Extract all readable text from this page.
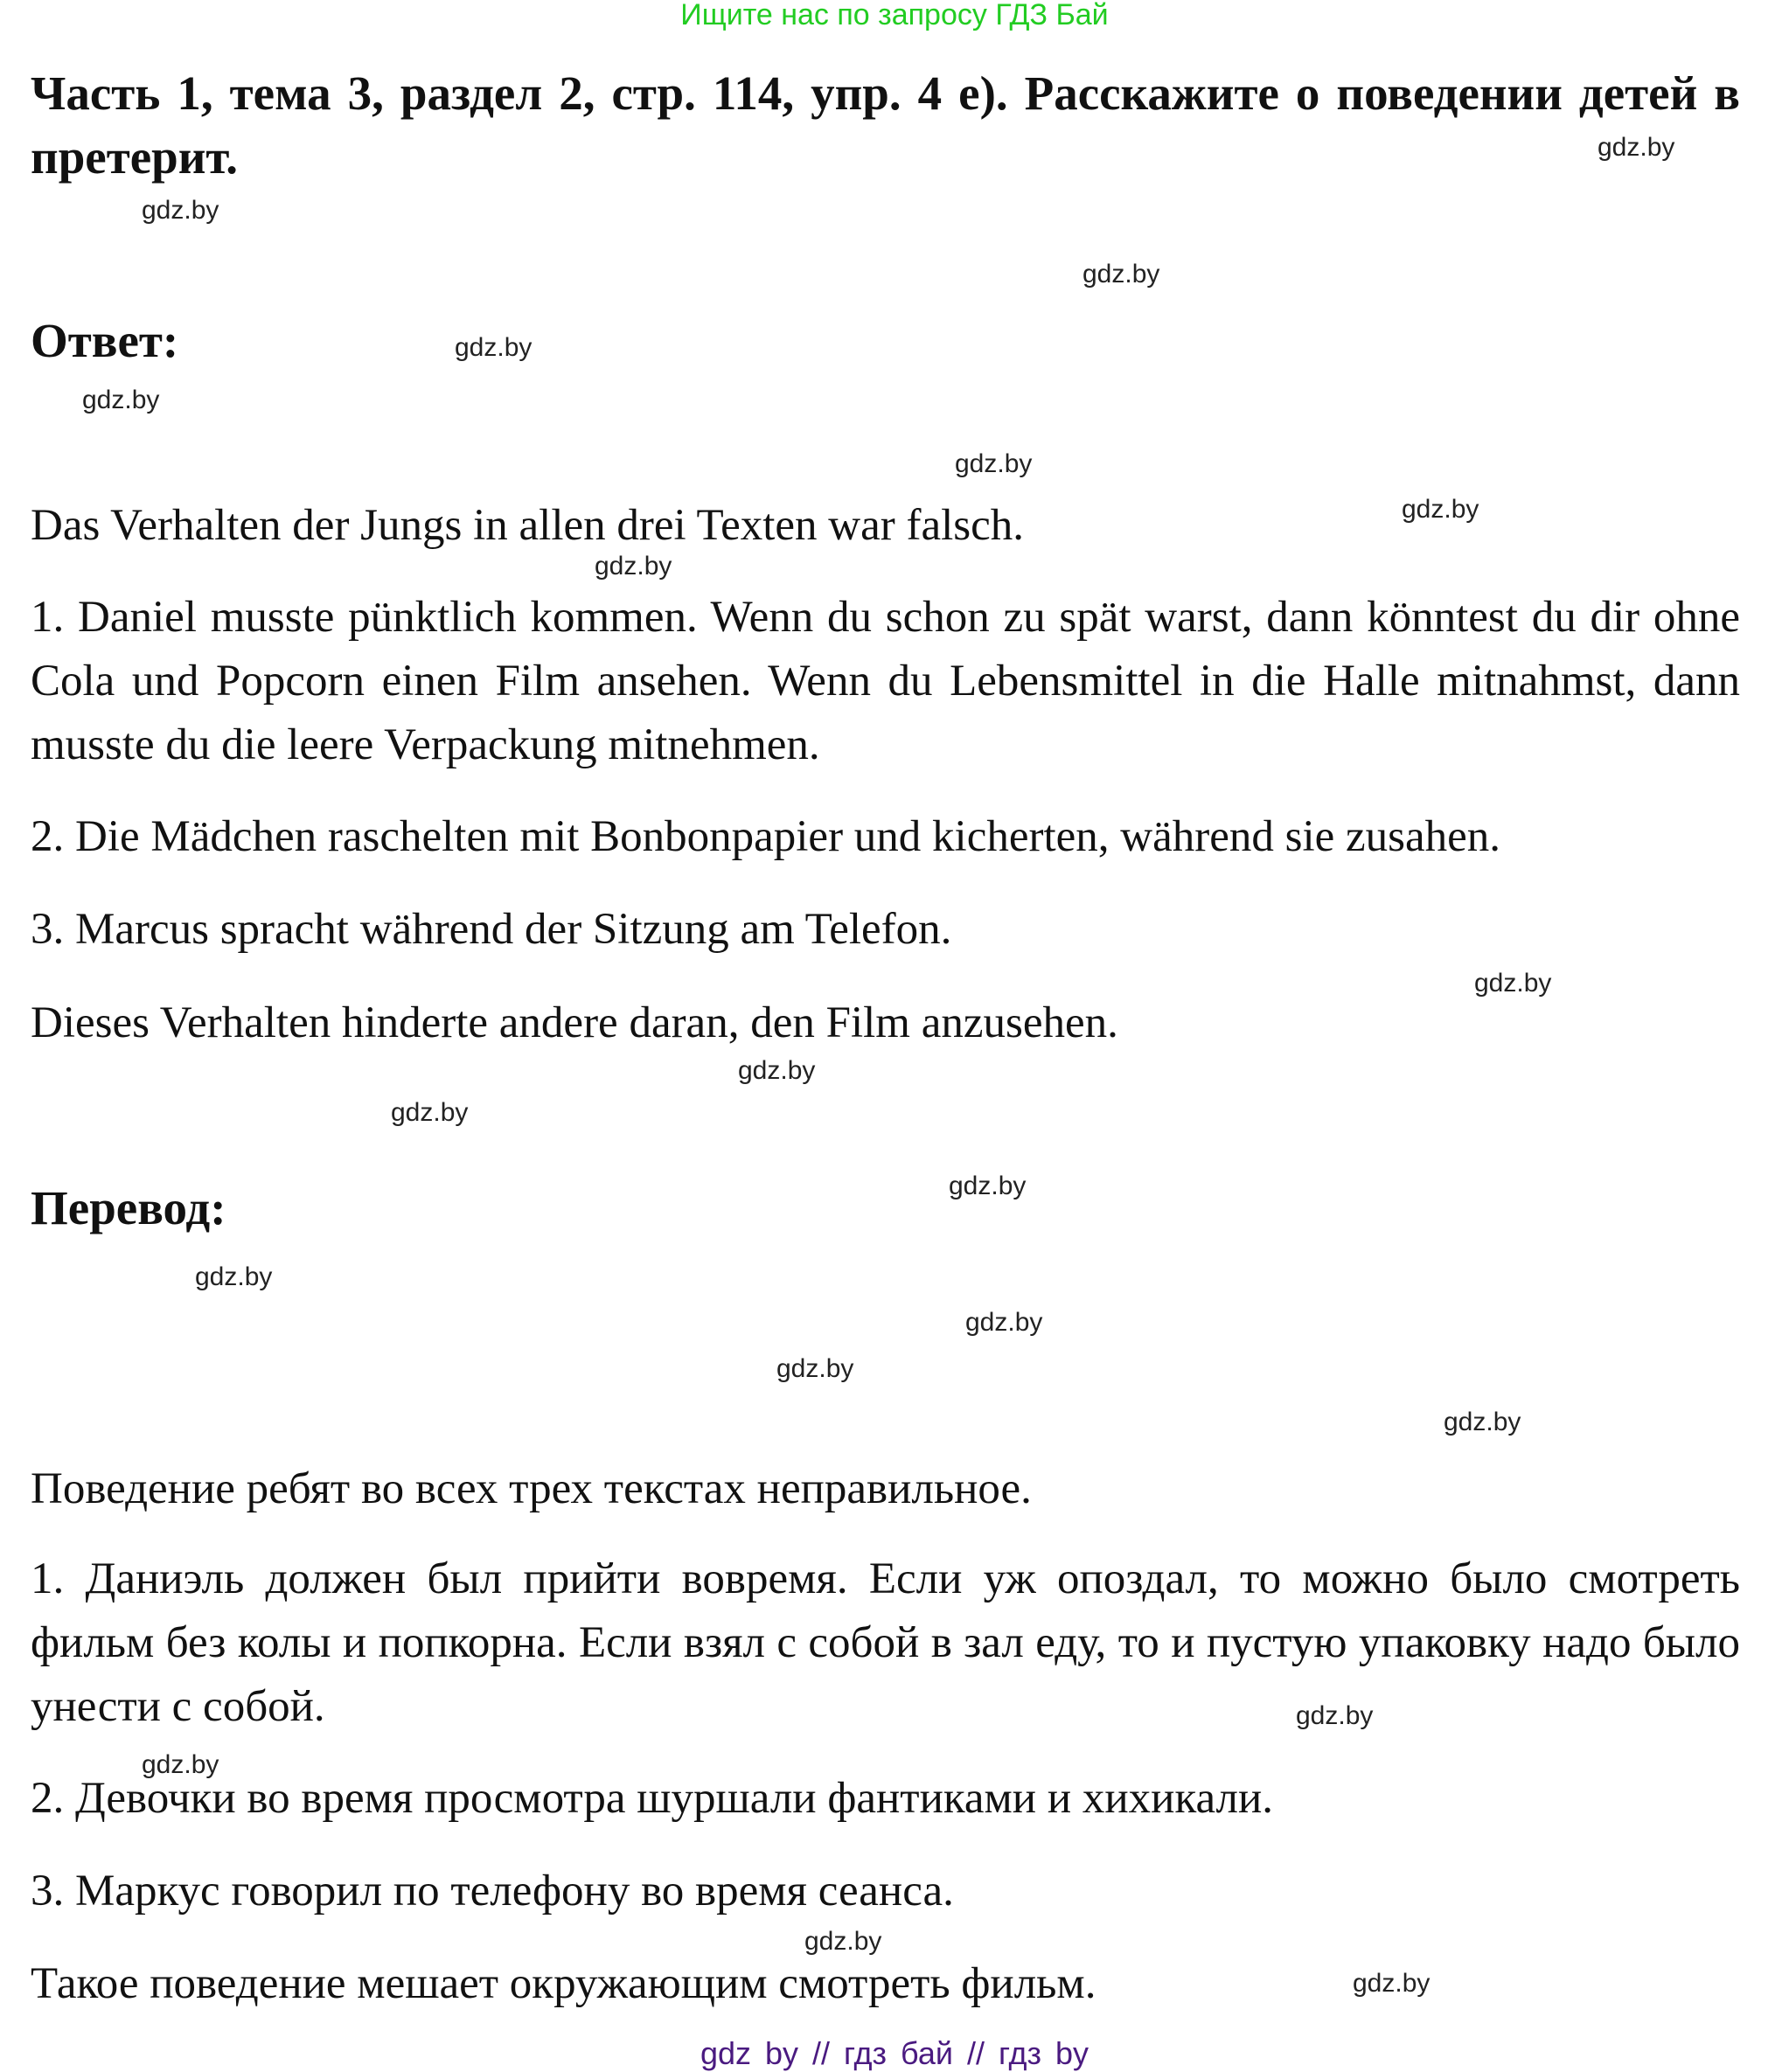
Ищите нас по запросу ГДЗ Бай
Часть 1, тема 3, раздел 2, стр. 114, упр. 4 е). Расскажите о поведении детей в претерит.
Ответ:
Das Verhalten der Jungs in allen drei Texten war falsch.
1. Daniel musste pünktlich kommen. Wenn du schon zu spät warst, dann könntest du dir ohne Cola und Popcorn einen Film ansehen. Wenn du Lebensmittel in die Halle mitnahmst, dann musste du die leere Verpackung mitnehmen.
2. Die Mädchen raschelten mit Bonbonpapier und kicherten, während sie zusahen.
3. Marcus spracht während der Sitzung am Telefon.
Dieses Verhalten hinderte andere daran, den Film anzusehen.
Перевод:
Поведение ребят во всех трех текстах неправильное.
1. Даниэль должен был прийти вовремя. Если уж опоздал, то можно было смотреть фильм без колы и попкорна. Если взял с собой в зал еду, то и пустую упаковку надо было унести с собой.
2. Девочки во время просмотра шуршали фантиками и хихикали.
3. Маркус говорил по телефону во время сеанса.
Такое поведение мешает окружающим смотреть фильм.
gdz.by
gdz.by
gdz.by
gdz.by
gdz.by
gdz.by
gdz.by
gdz.by
gdz.by
gdz.by
gdz.by
gdz.by
gdz.by
gdz.by
gdz.by
gdz.by
gdz.by
gdz.by
gdz.by
gdz.by
gdz by // гдз бай // гдз by
